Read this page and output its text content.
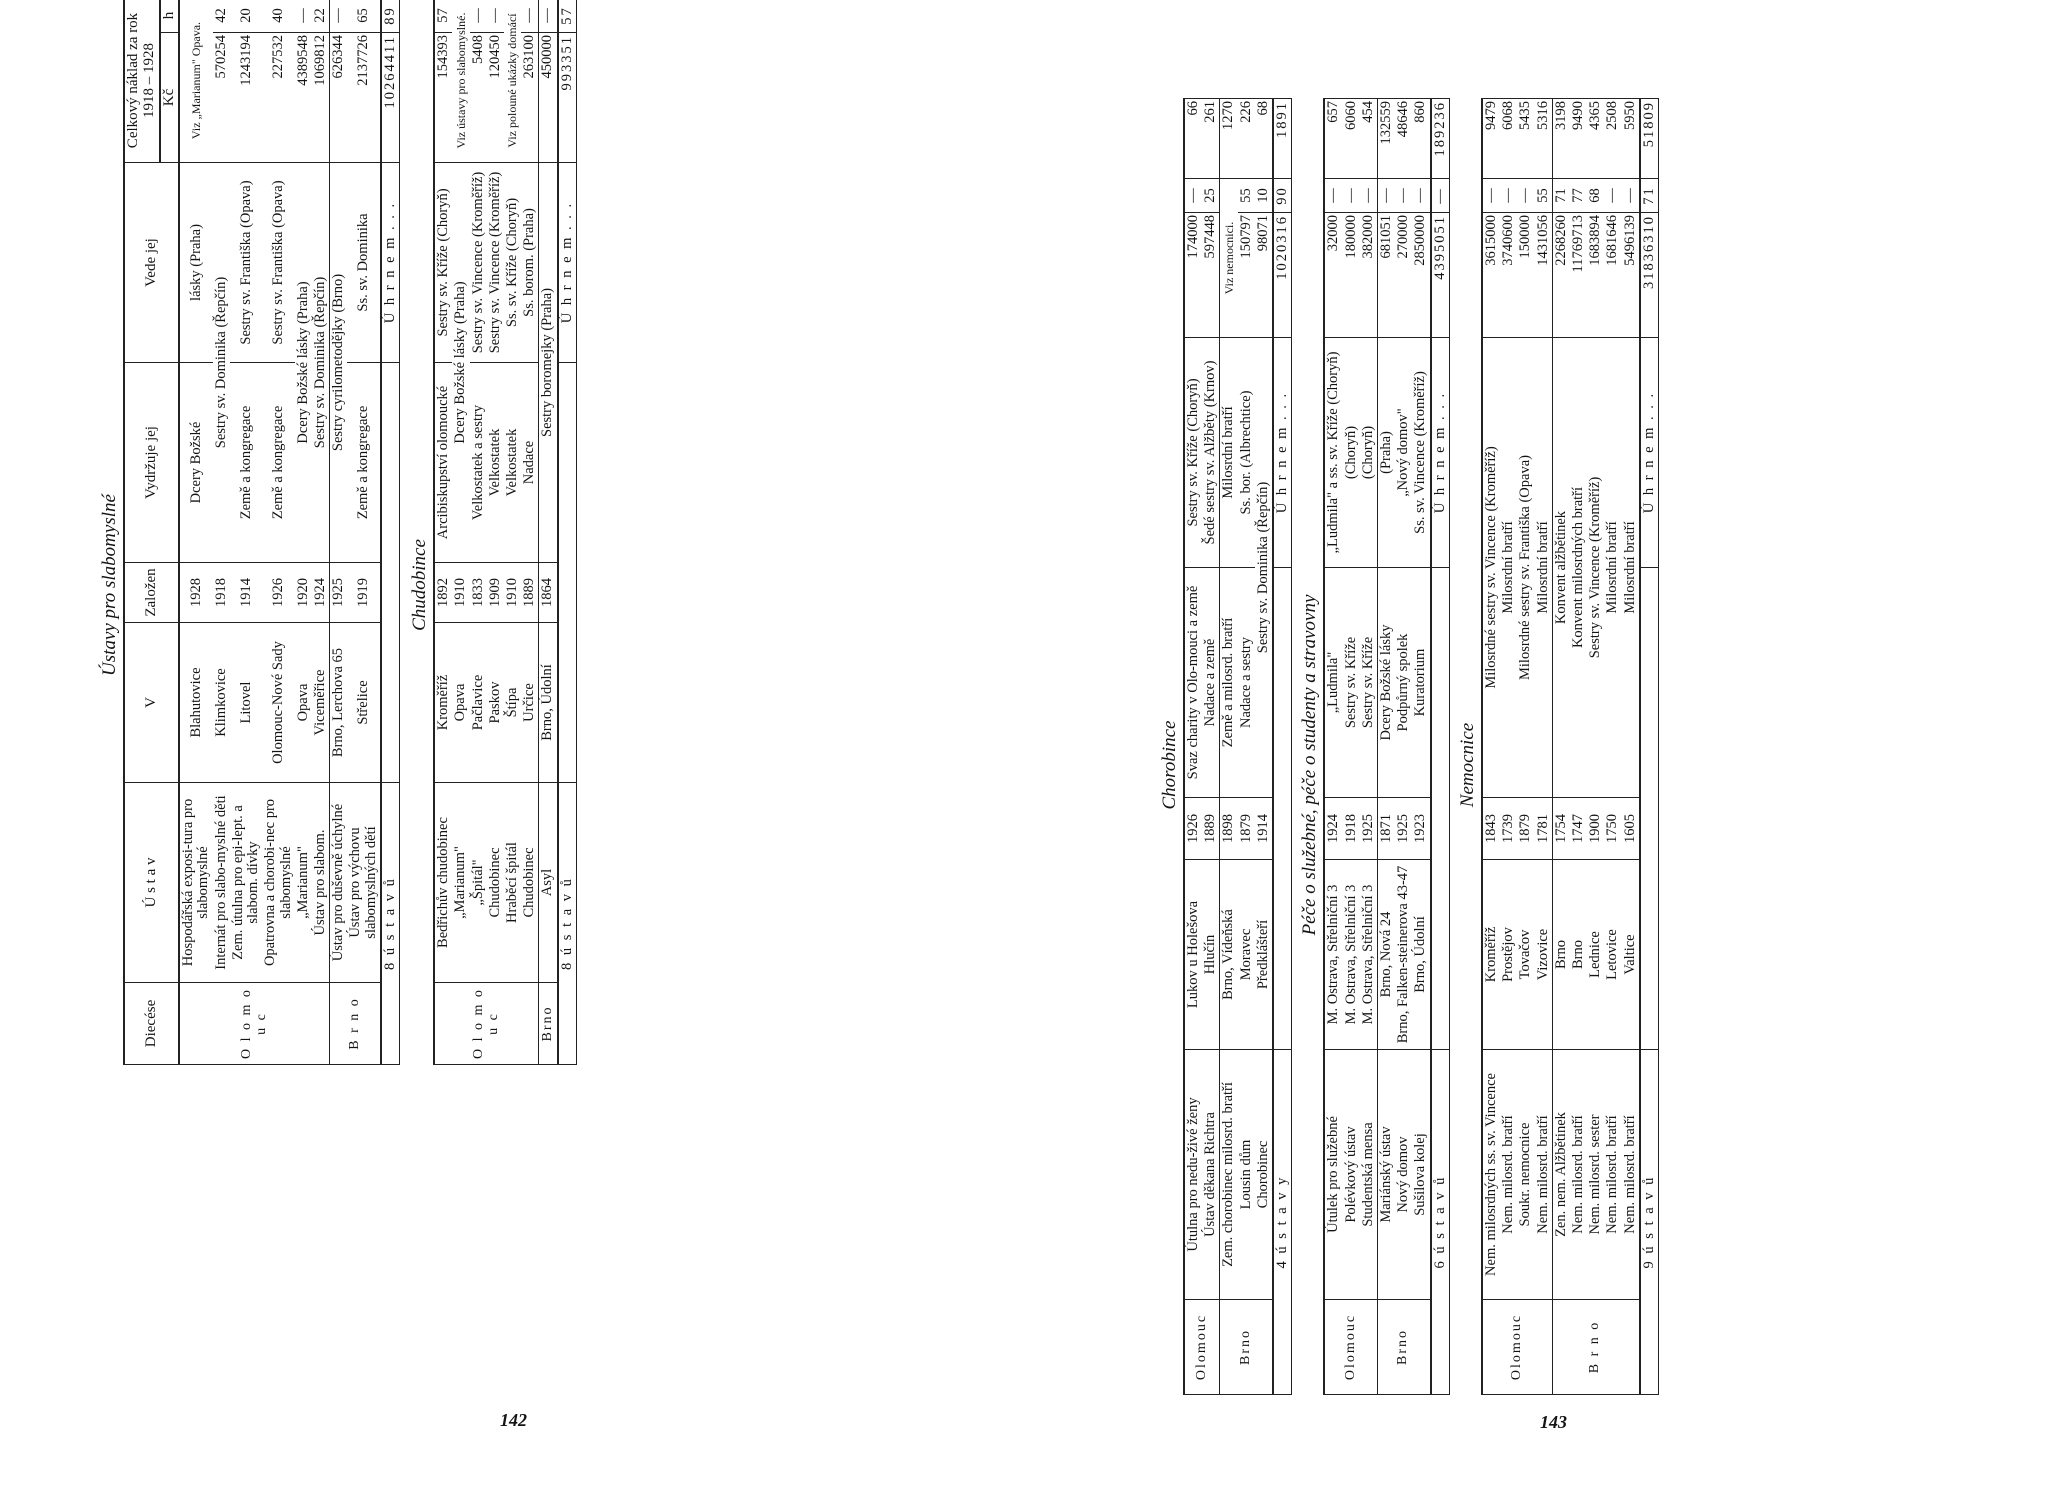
Ústavy pro slabomyslné
Diecése	Ú s t a v	V	Založen	Vydržuje jej	Vede jej	Celkový náklad za rok 1918 – 1928	
						Kč	h	
O l o m o u c	Hospodářská exposi-tura pro slabomyslné	Blahutovice	1928	Dcery Božské	lásky (Praha)	Viz „Marianum" Opava.	
	Internát pro slabo-myslné děti	Klimkovice	1918	Sestry sv. Dominika (Řepčín)		570254	42	
	Zem. útulna pro epi-lept. a slabom. dívky	Litovel	1914	Země a kongregace	Sestry sv. Františka (Opava)	1243194	20	
	Opatrovna a chorobi-nec pro slabomyslné	Olomouc-Nové Sady	1926	Země a kongregace	Sestry sv. Františka (Opava)	227532	40	
	„Marianum"	Opava	1920	Dcery Božské lásky (Praha)		4389548	—	
	Ústav pro slabom.	Viceměřice	1924	Sestry sv. Dominika (Řepčín)		1069812	22	
B r n o	Ústav pro duševně úchylné	Brno, Lerchova 65	1925	Sestry cyrilometodějky (Brno)		626344	—	
	Ústav pro výchovu slabomyslných dětí	Střelice	1919	Země a kongregace	Ss. sv. Dominika	2137726	65	
8 ú s t a v ů					Ú h r n e m . . .	10264411	89	
Chudobince
O l o m o u c	Bedřichův chudobinec	Kroměříž	1892	Arcibiskupství olomoucké	Sestry sv. Kříže (Choryň)	154393	57	
	„Marianum"	Opava	1910	Dcery Božské lásky (Praha)		Viz ústavy pro slabomyslné.	
	„Špitál"	Pačlavice	1833	Velkostatek a sestry	Sestry sv. Vincence (Kroměříž)	5408	—	
	Chudobinec	Paskov	1909	Velkostatek	Sestry sv. Vincence (Kroměříž)	120450	—	
	Hraběcí špitál	Štípa	1910	Velkostatek	Ss. sv. Kříže (Choryň)	Viz polouné ukázky domácí	
	Chudobinec	Určice	1889	Nadace	Ss. borom. (Praha)	263100	—	
Brno	Asyl	Brno, Údolní	1864	Sestry boromejky (Praha)		450000	—	
8 ú s t a v ů					Ú h r n e m . . .	993351	57	
142
Chorobince
Olomouc	Útulna pro nedu-živé ženy	Lukov u Holešova	1926	Svaz charity v Olo-mouci a země	Sestry sv. Kříže (Choryň)	174000	—	66
	Ústav děkana Richtra	Hlučín	1889	Nadace a země	Šedé sestry sv. Alžběty (Krnov)	597448	25	261
Brno	Zem. chorobinec milosrd. bratří	Brno, Vídeňská	1898	Země a milosrd. bratří	Milosrdní bratří	Viz nemocnici.		1270
	Lousin dům	Moravec	1879	Nadace a sestry	Ss. bor. (Albrechtice)	150797	55	226
	Chorobinec	Předklášteří	1914	Sestry sv. Dominika (Řepčín)		98071	10	68
4 ú s t a v y					Ú h r n e m . . .	1020316	90	1891
Péče o služebné, péče o studenty a stravovny
Olomouc	Útulek pro služebné	M. Ostrava, Střelniční 3	1924	„Ludmila"	„Ludmila" a ss. sv. Kříže (Choryň)	32000	—	657
	Polévkový ústav	M. Ostrava, Střelniční 3	1918	Sestry sv. Kříže	(Choryň)	180000	—	6060
	Studentská mensa	M. Ostrava, Střelniční 3	1925	Sestry sv. Kříže	(Choryň)	382000	—	454
Brno	Mariánský ústav	Brno, Nová 24	1871	Dcery Božské lásky	(Praha)	681051	—	132559
	Nový domov	Brno, Falken-steinerova 43-47	1925	Podpůrný spolek	„Nový domov"	270000	—	48646
	Sušilova kolej	Brno, Údolní	1923	Kuratorium	Ss. sv. Vincence (Kroměříž)	2850000	—	860
6 ú s t a v ů					Ú h r n e m . . .	4395051	—	189236
Nemocnice
Olomouc	Nem. milosrdných ss. sv. Vincence	Kroměříž	1843	Milosrdné sestry sv. Vincence (Kroměříž)		3615000	—	9479
	Nem. milosrd. bratří	Prostějov	1739	Milosrdní bratří		3740600	—	6068
	Soukr. nemocnice	Tovačov	1879	Milosrdné sestry sv. Františka (Opava)		150000	—	5435
	Nem. milosrd. bratří	Vizovice	1781	Milosrdní bratří		1431056	55	5316
B r n o	Zen. nem. Alžbětinek	Brno	1754	Konvent alžbětinek		2268260	71	3198
	Nem. milosrd. bratří	Brno	1747	Konvent milosrdných bratří		11769713	77	9490
	Nem. milosrd. sester	Lednice	1900	Sestry sv. Vincence (Kroměříž)		1683894	68	4365
	Nem. milosrd. bratří	Letovice	1750	Milosrdní bratří		1681646	—	2508
	Nem. milosrd. bratří	Valtice	1605	Milosrdní bratří		5496139	—	5950
9 ú s t a v ů					Ú h r n e m . . .	31836310	71	51809
143
